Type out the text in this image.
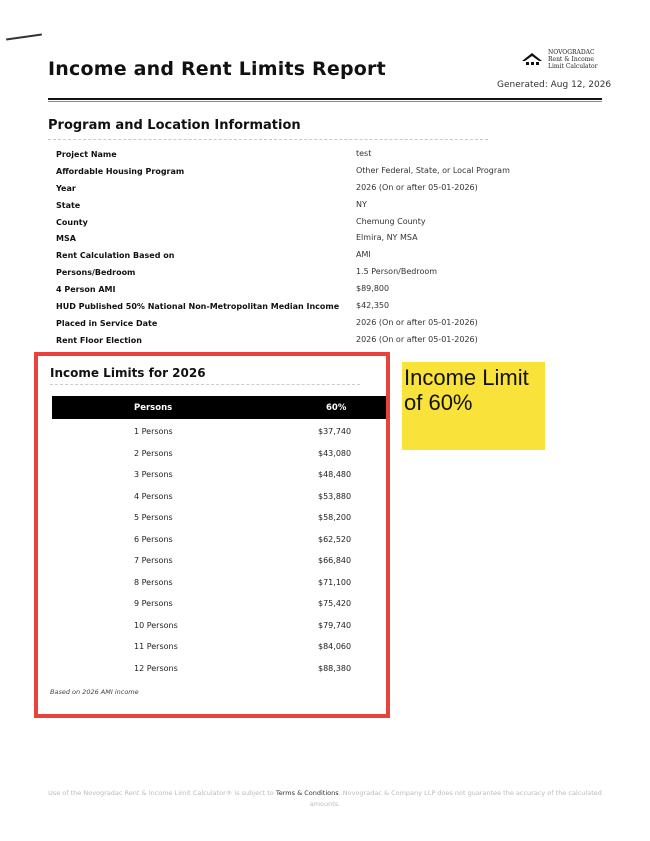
Income and Rent Limits Report
NOVOGRADAC
Rent & Income
Limit Calculator
Generated: Aug 12, 2026
Program and Location Information
Project Name	test
Affordable Housing Program	Other Federal, State, or Local Program
Year	2026 (On or after 05-01-2026)
State	NY
County	Chemung County
MSA	Elmira, NY MSA
Rent Calculation Based on	AMI
Persons/Bedroom	1.5 Person/Bedroom
4 Person AMI	$89,800
HUD Published 50% National Non-Metropolitan Median Income $42,350
Placed in Service Date	2026 (On or after 05-01-2026)
Rent Floor Election	2026 (On or after 05-01-2026)
Income Limits for 2026
Persons	60%
1 Persons	$37,740
2 Persons	$43,080
3 Persons	$48,480
4 Persons	$53,880
5 Persons	$58,200
6 Persons	$62,520
7 Persons	$66,840
8 Persons	$71,100
9 Persons	$75,420
10 Persons	$79,740
11 Persons	$84,060
12 Persons	$88,380
Based on 2026 AMI income
Income Limit of 60%
Use of the Novogradac Rent & Income Limit Calculator® is subject to Terms & Conditions. Novogradac & Company LLP does not guarantee the accuracy of the calculated amounts.
